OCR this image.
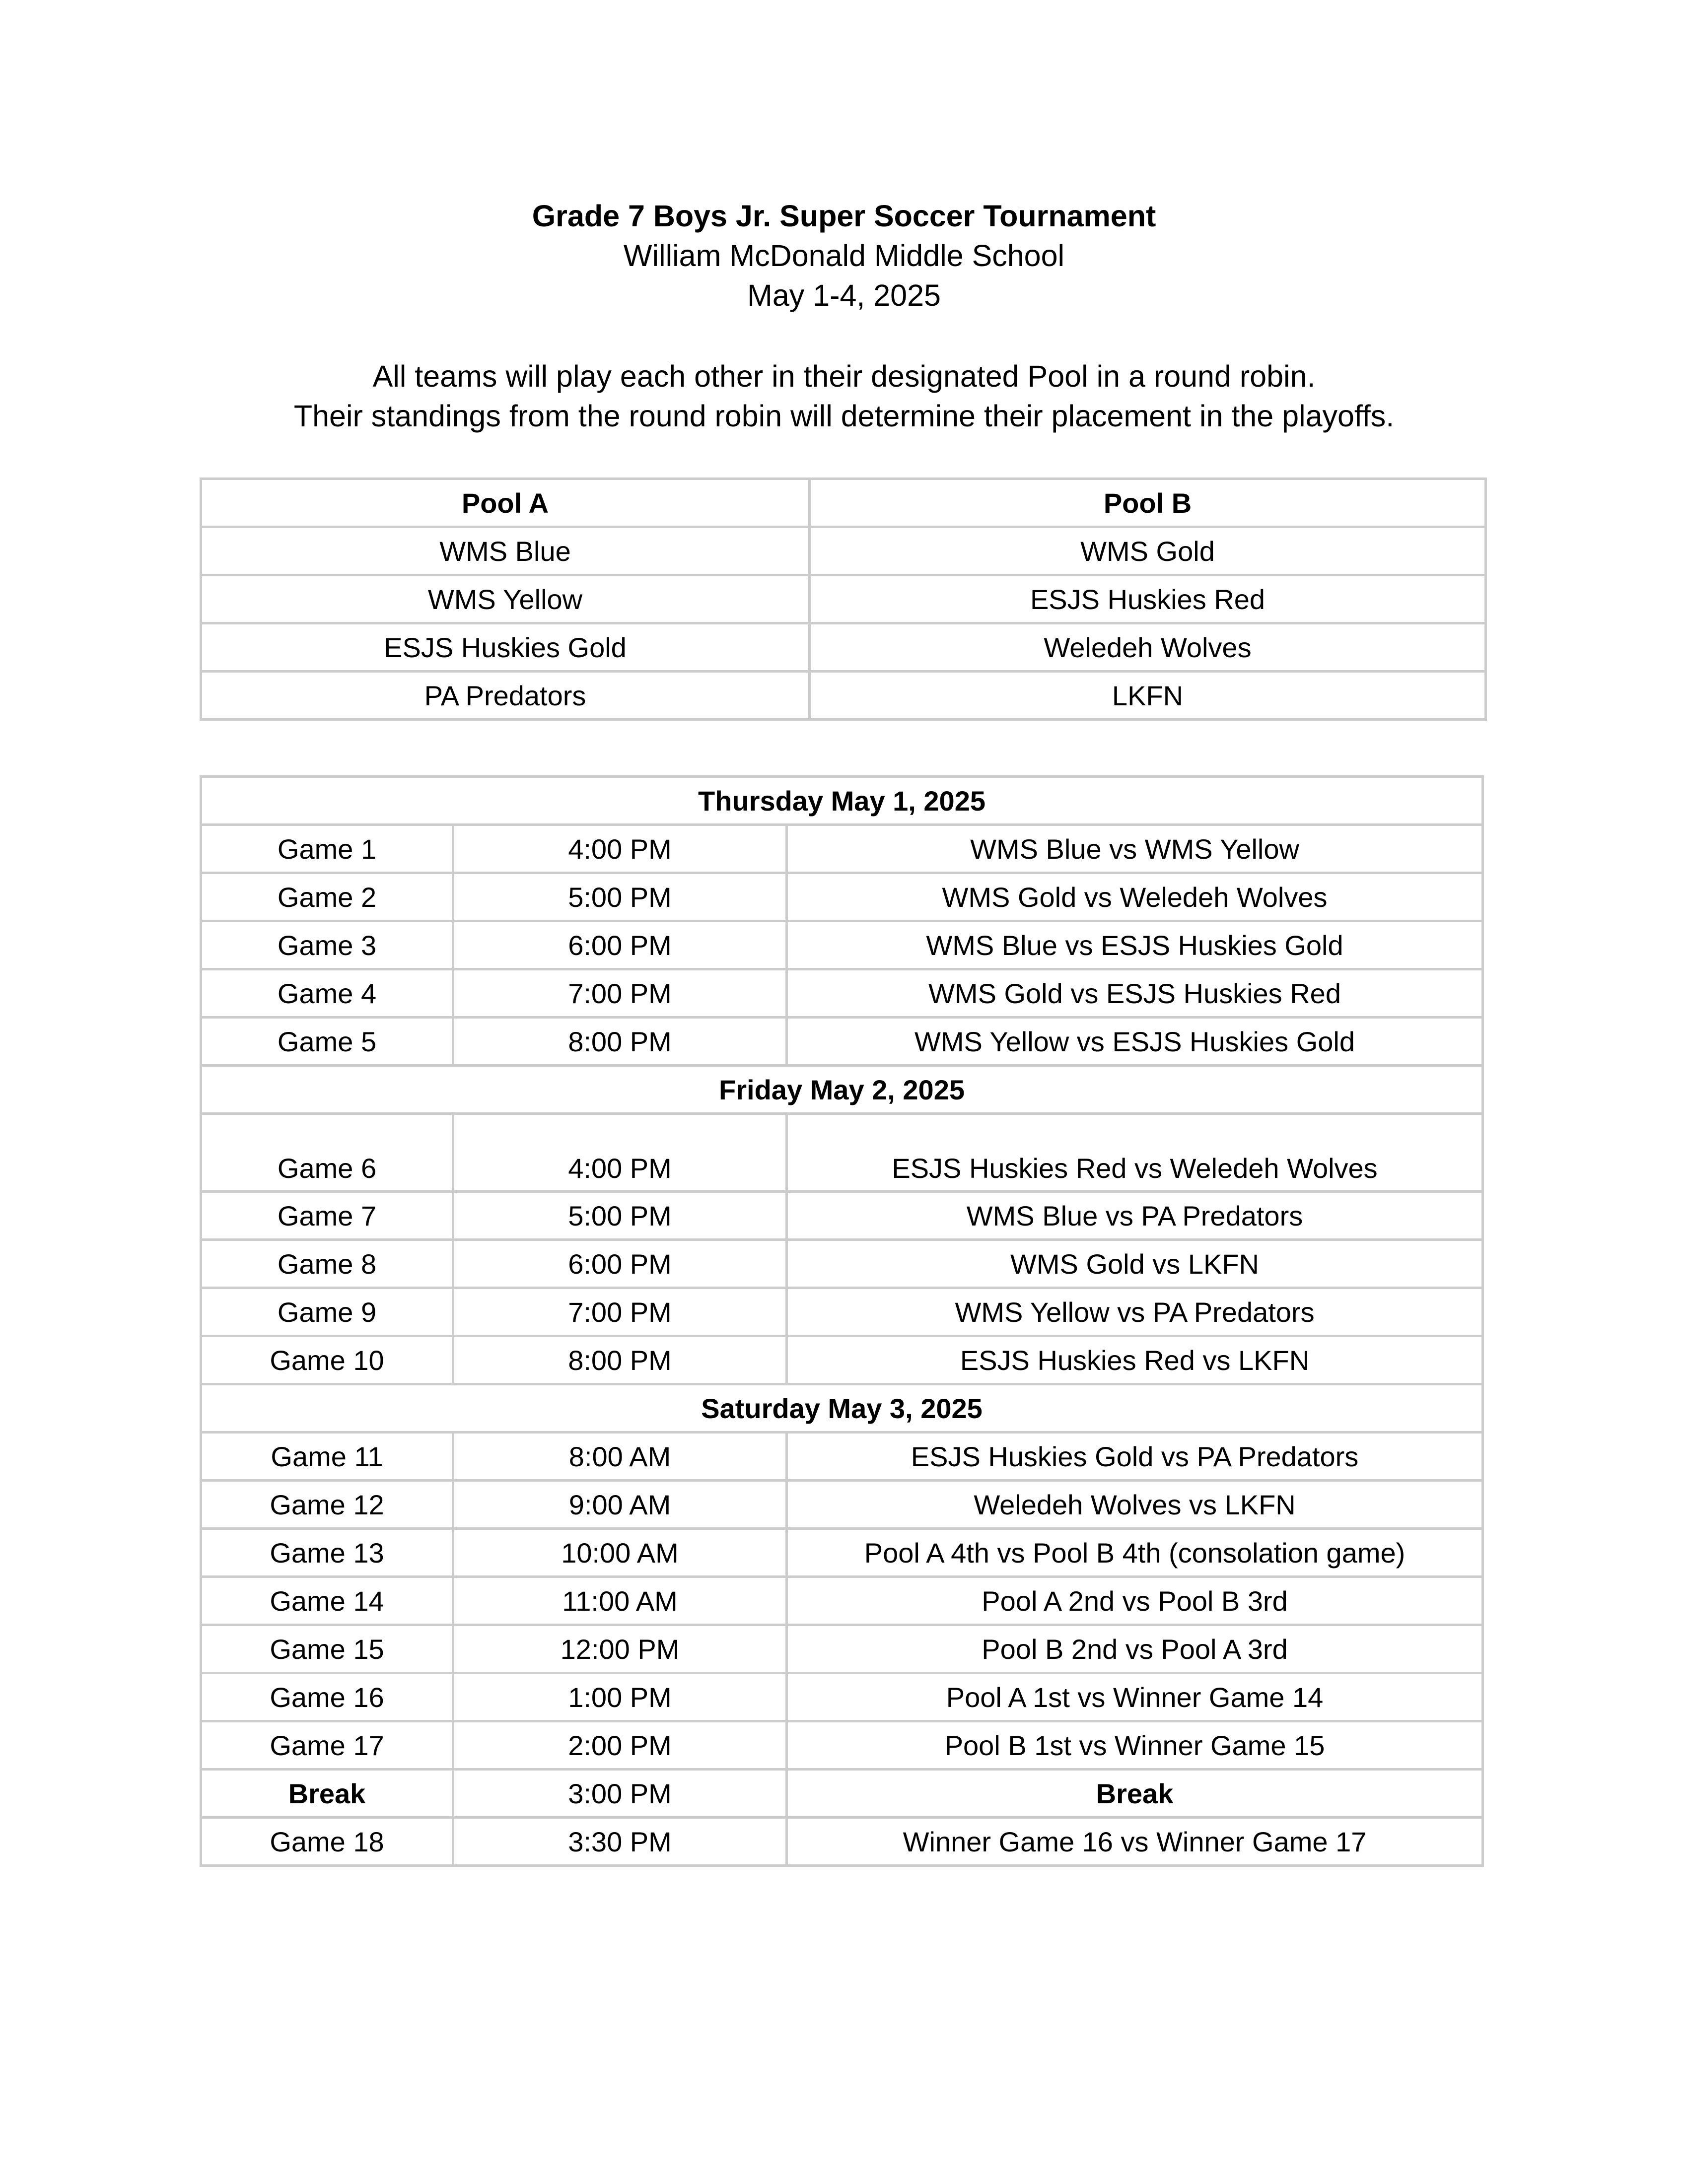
Grade 7 Boys Jr. Super Soccer Tournament
William McDonald Middle School
May 1-4, 2025
All teams will play each other in their designated Pool in a round robin.
Their standings from the round robin will determine their placement in the playoffs.
Pool A	Pool B
WMS Blue	WMS Gold
WMS Yellow	ESJS Huskies Red
ESJS Huskies Gold	Weledeh Wolves
PA Predators	LKFN
Thursday May 1, 2025		
Game 1	4:00 PM	WMS Blue vs WMS Yellow
Game 2	5:00 PM	WMS Gold vs Weledeh Wolves
Game 3	6:00 PM	WMS Blue vs ESJS Huskies Gold
Game 4	7:00 PM	WMS Gold vs ESJS Huskies Red
Game 5	8:00 PM	WMS Yellow vs ESJS Huskies Gold
Friday May 2, 2025		
Game 6	4:00 PM	ESJS Huskies Red vs Weledeh Wolves
Game 7	5:00 PM	WMS Blue vs PA Predators
Game 8	6:00 PM	WMS Gold vs LKFN
Game 9	7:00 PM	WMS Yellow vs PA Predators
Game 10	8:00 PM	ESJS Huskies Red vs LKFN
Saturday May 3, 2025		
Game 11	8:00 AM	ESJS Huskies Gold vs PA Predators
Game 12	9:00 AM	Weledeh Wolves vs LKFN
Game 13	10:00 AM	Pool A 4th vs Pool B 4th (consolation game)
Game 14	11:00 AM	Pool A 2nd vs Pool B 3rd
Game 15	12:00 PM	Pool B 2nd vs Pool A 3rd
Game 16	1:00 PM	Pool A 1st vs Winner Game 14
Game 17	2:00 PM	Pool B 1st vs Winner Game 15
Break	3:00 PM	Break
Game 18	3:30 PM	Winner Game 16 vs Winner Game 17
